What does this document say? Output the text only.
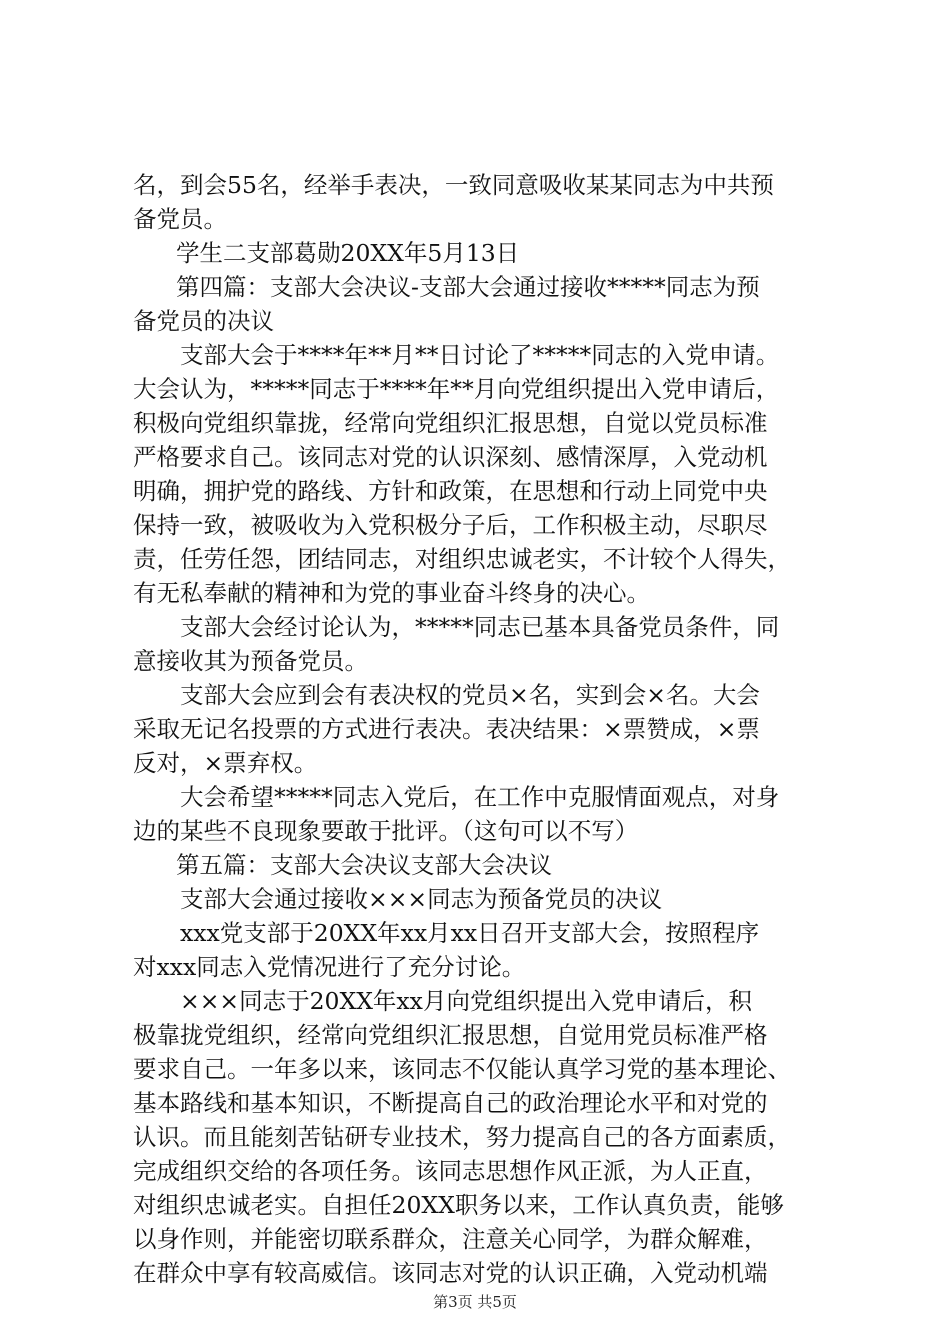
名，到会55名，经举手表决，一致同意吸收某某同志为中共预
备党员。
学生二支部葛勋20XX年5月13日
第四篇：支部大会决议-支部大会通过接收*****同志为预
备党员的决议
支部大会于****年**月**日讨论了*****同志的入党申请。
大会认为，*****同志于****年**月向党组织提出入党申请后，
积极向党组织靠拢，经常向党组织汇报思想，自觉以党员标准
严格要求自己。该同志对党的认识深刻、感情深厚，入党动机
明确，拥护党的路线、方针和政策，在思想和行动上同党中央
保持一致，被吸收为入党积极分子后，工作积极主动，尽职尽
责，任劳任怨，团结同志，对组织忠诚老实，不计较个人得失，
有无私奉献的精神和为党的事业奋斗终身的决心。
支部大会经讨论认为，*****同志已基本具备党员条件，同
意接收其为预备党员。
支部大会应到会有表决权的党员×名，实到会×名。大会
采取无记名投票的方式进行表决。表决结果：×票赞成，×票
反对，×票弃权。
大会希望*****同志入党后，在工作中克服情面观点，对身
边的某些不良现象要敢于批评。（这句可以不写）
第五篇：支部大会决议支部大会决议
支部大会通过接收×××同志为预备党员的决议
xxx党支部于20XX年xx月xx日召开支部大会，按照程序
对xxx同志入党情况进行了充分讨论。
×××同志于20XX年xx月向党组织提出入党申请后，积
极靠拢党组织，经常向党组织汇报思想，自觉用党员标准严格
要求自己。一年多以来，该同志不仅能认真学习党的基本理论、
基本路线和基本知识，不断提高自己的政治理论水平和对党的
认识。而且能刻苦钻研专业技术，努力提高自己的各方面素质，
完成组织交给的各项任务。该同志思想作风正派，为人正直，
对组织忠诚老实。自担任20XX职务以来，工作认真负责，能够
以身作则，并能密切联系群众，注意关心同学，为群众解难，
在群众中享有较高威信。该同志对党的认识正确，入党动机端
第3页 共5页
